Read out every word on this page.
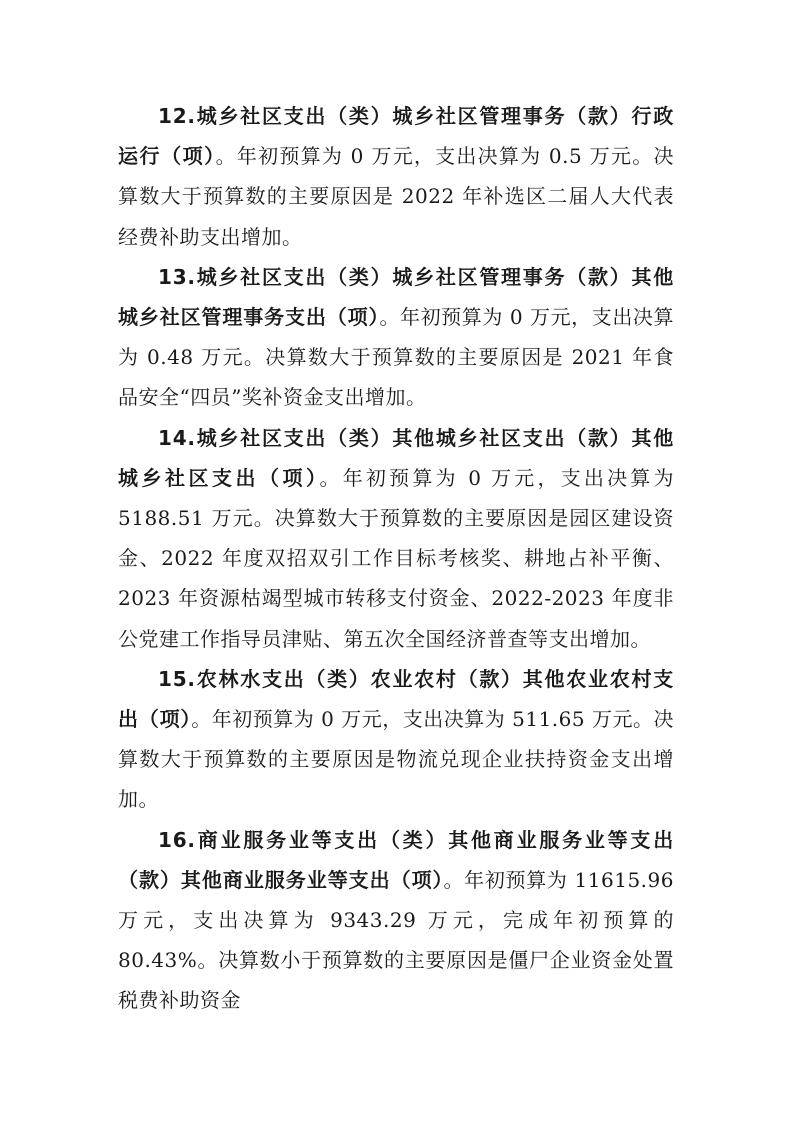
12.城乡社区支出（类）城乡社区管理事务（款）行政运行（项）。年初预算为 0 万元，支出决算为 0.5 万元。决算数大于预算数的主要原因是 2022 年补选区二届人大代表经费补助支出增加。

13.城乡社区支出（类）城乡社区管理事务（款）其他城乡社区管理事务支出（项）。年初预算为 0 万元，支出决算为 0.48 万元。决算数大于预算数的主要原因是 2021 年食品安全“四员”奖补资金支出增加。

14.城乡社区支出（类）其他城乡社区支出（款）其他城乡社区支出（项）。年初预算为 0 万元，支出决算为 5188.51 万元。决算数大于预算数的主要原因是园区建设资金、2022 年度双招双引工作目标考核奖、耕地占补平衡、2023 年资源枯竭型城市转移支付资金、2022-2023 年度非公党建工作指导员津贴、第五次全国经济普查等支出增加。

15.农林水支出（类）农业农村（款）其他农业农村支出（项）。年初预算为 0 万元，支出决算为 511.65 万元。决算数大于预算数的主要原因是物流兑现企业扶持资金支出增加。

16.商业服务业等支出（类）其他商业服务业等支出（款）其他商业服务业等支出（项）。年初预算为 11615.96 万元，支出决算为 9343.29 万元，完成年初预算的 80.43%。决算数小于预算数的主要原因是僵尸企业资金处置税费补助资金
